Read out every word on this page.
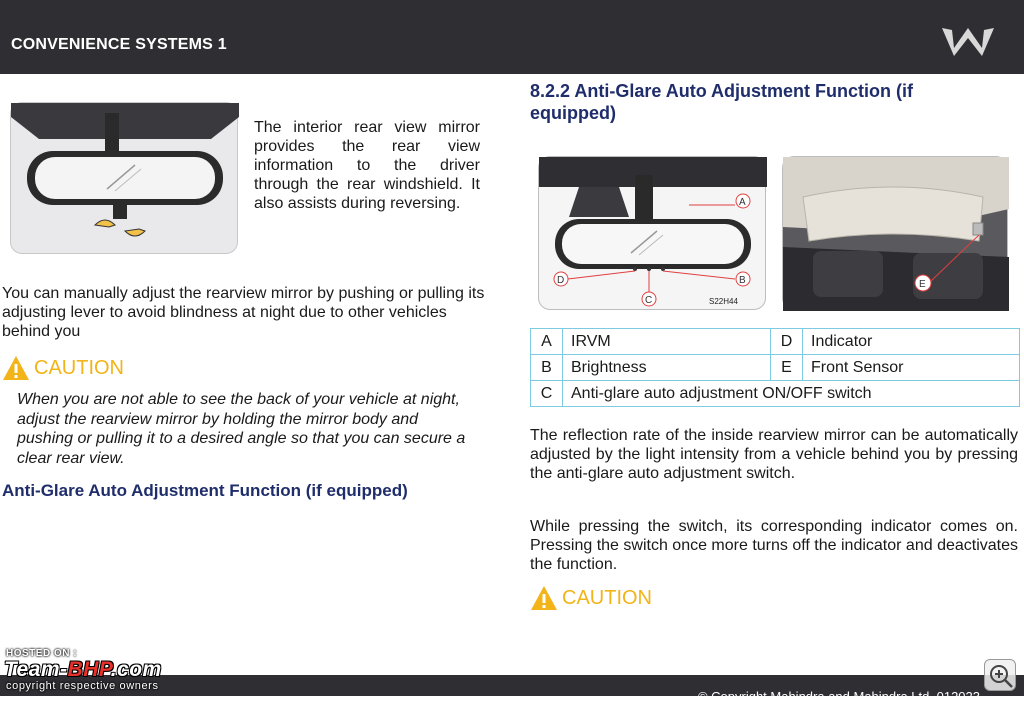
CONVENIENCE SYSTEMS 1
The interior rear view mirror provides the rear view information to the driver through the rear windshield. It also assists during reversing.
You can manually adjust the rearview mirror by pushing or pulling its adjusting lever to avoid blindness at night due to other vehicles behind you
CAUTION
When you are not able to see the back of your vehicle at night, adjust the rearview mirror by holding the mirror body and pushing or pulling it to a desired angle so that you can secure a clear rear view.
Anti-Glare Auto Adjustment Function (if equipped)
8.2.2 Anti-Glare Auto Adjustment Function (if equipped)
A
D	B
C	S22H44
E
A	IRVM	D	Indicator
B	Brightness	E	Front Sensor
C	Anti-glare auto adjustment ON/OFF switch		
The reflection rate of the inside rearview mirror can be automatically adjusted by the light intensity from a vehicle behind you by pressing the anti-glare auto adjustment switch.
While pressing the switch, its corresponding indicator comes on. Pressing the switch once more turns off the indicator and deactivates the function.
CAUTION
© Copyright Mahindra and Mahindra Ltd. 012023
HOSTED ON :
Team-BHP.com
copyright respective owners
